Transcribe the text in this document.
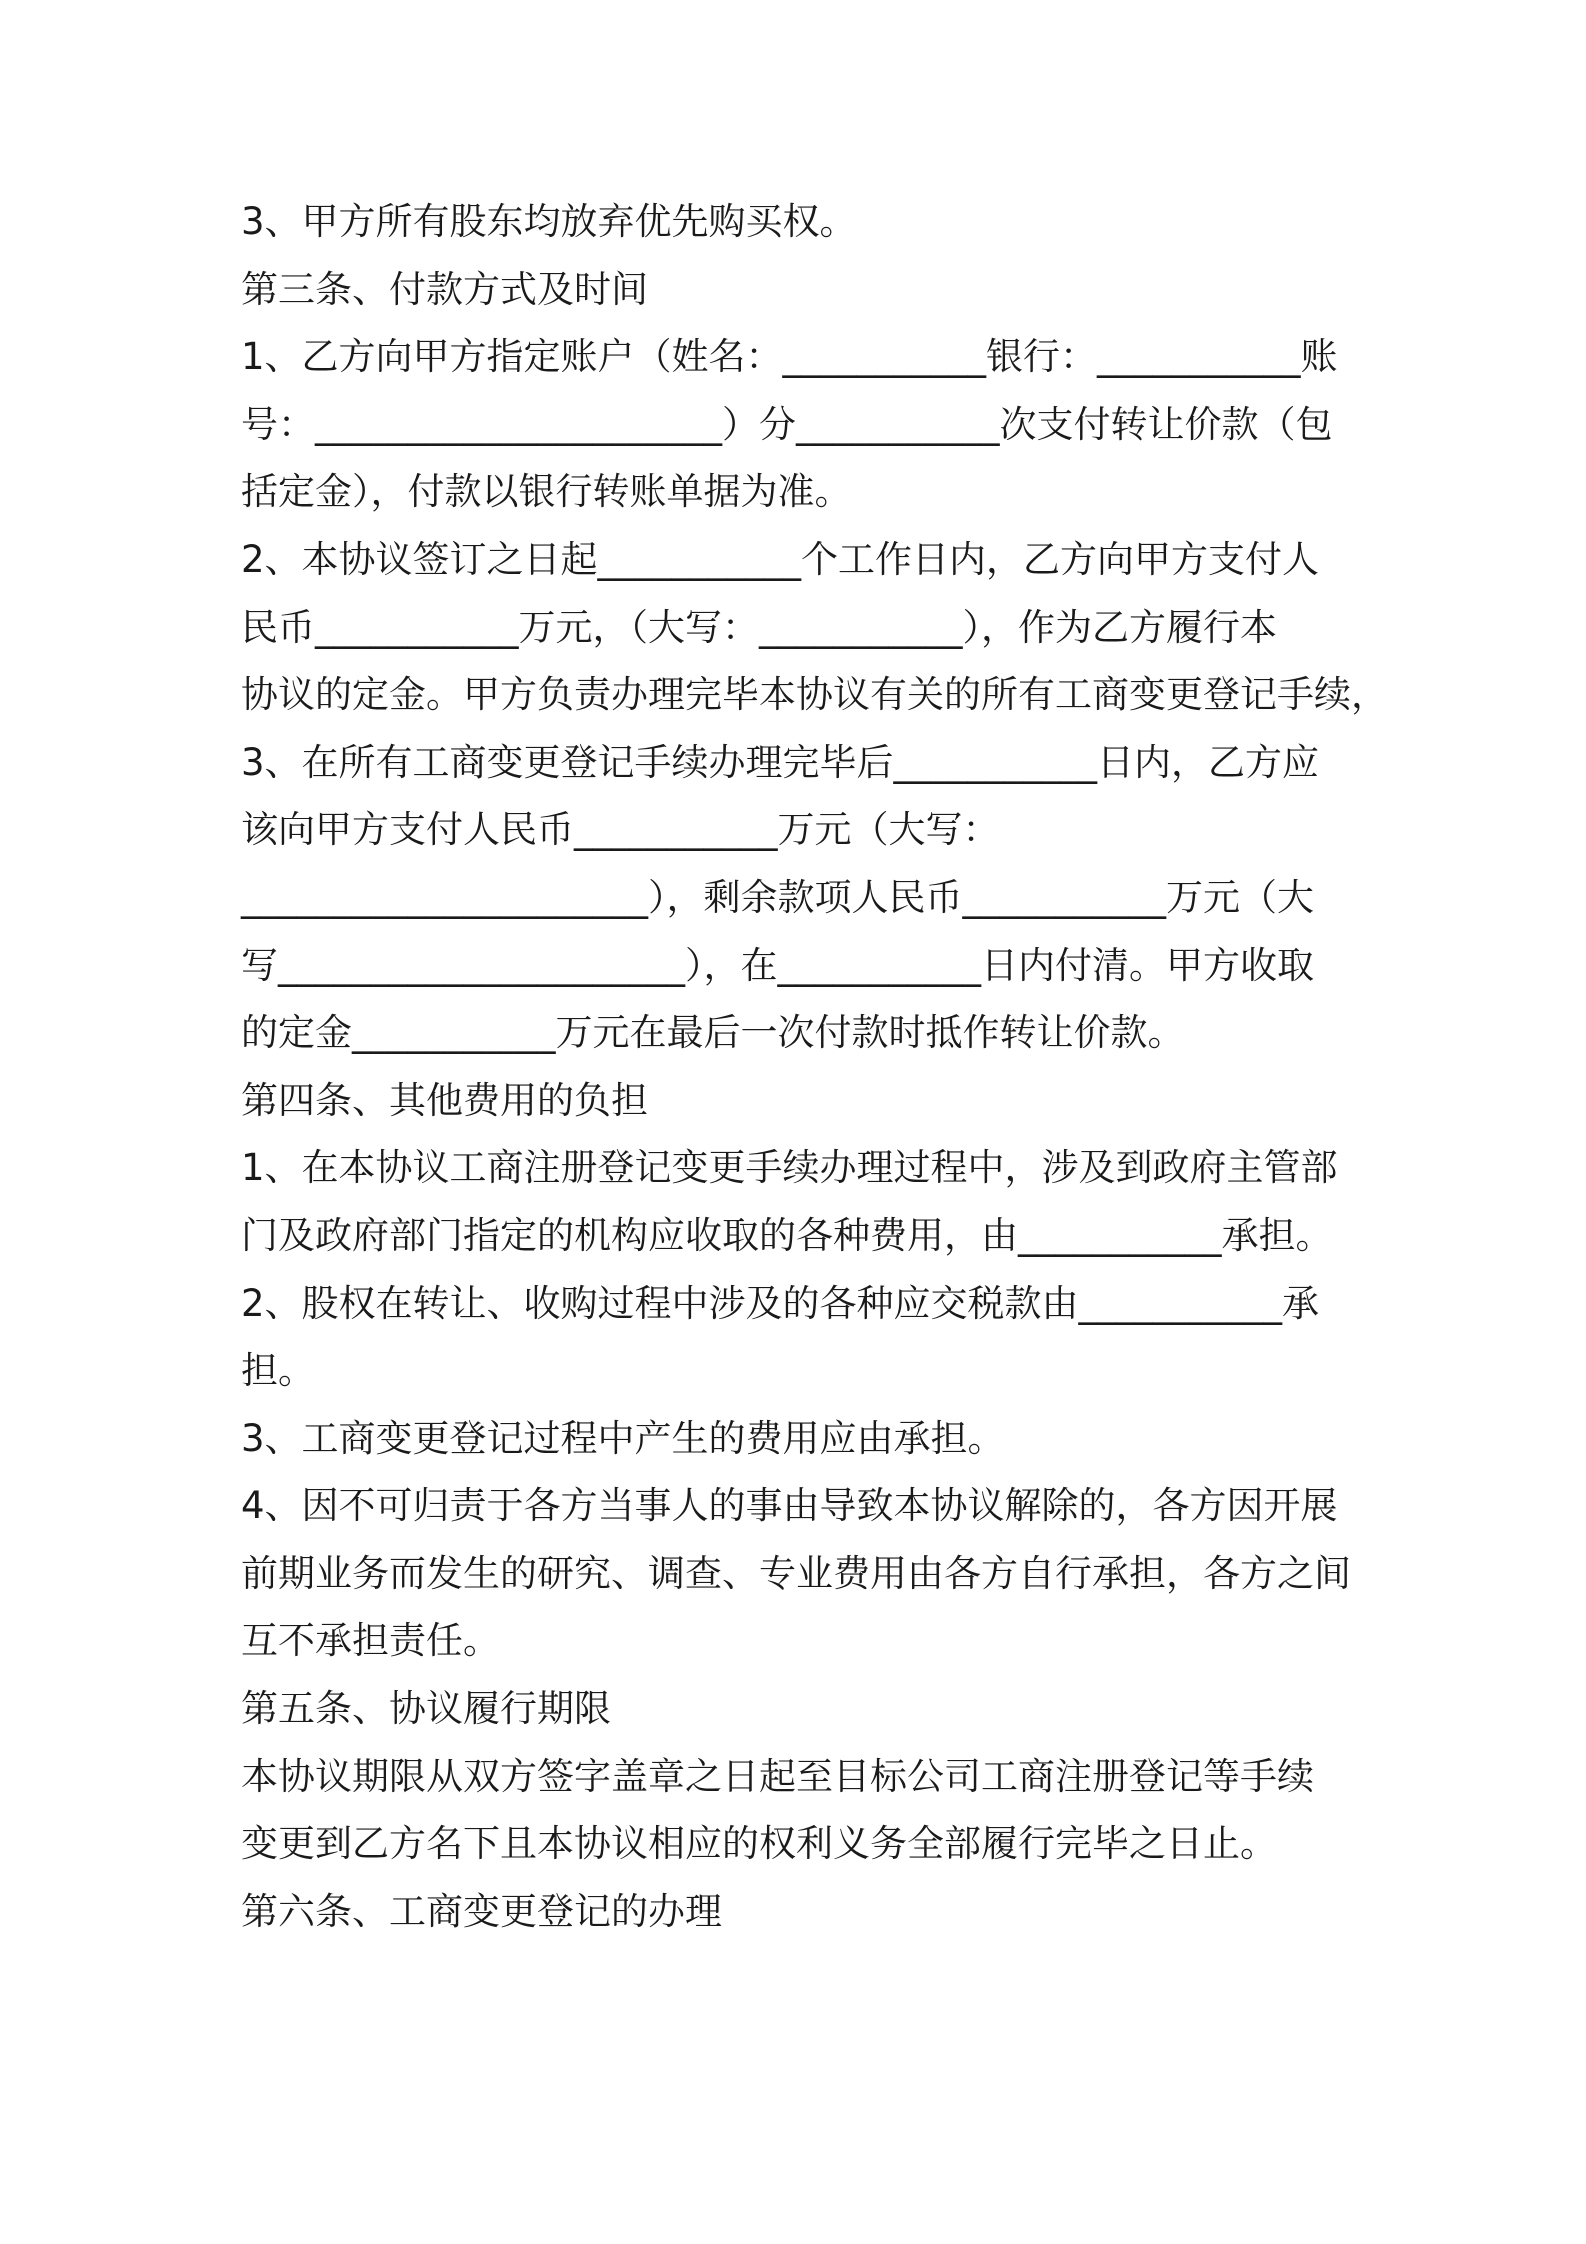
3、甲方所有股东均放弃优先购买权。
第三条、付款方式及时间
1、乙方向甲方指定账户（姓名：___________银行：___________账
号：______________________）分___________次支付转让价款（包
括定金），付款以银行转账单据为准。
2、本协议签订之日起___________个工作日内，乙方向甲方支付人
民币___________万元，（大写：___________），作为乙方履行本
协议的定金。甲方负责办理完毕本协议有关的所有工商变更登记手续，
3、在所有工商变更登记手续办理完毕后___________日内，乙方应
该向甲方支付人民币___________万元（大写：
______________________），剩余款项人民币___________万元（大
写______________________），在___________日内付清。甲方收取
的定金___________万元在最后一次付款时抵作转让价款。
第四条、其他费用的负担
1、在本协议工商注册登记变更手续办理过程中，涉及到政府主管部
门及政府部门指定的机构应收取的各种费用，由___________承担。
2、股权在转让、收购过程中涉及的各种应交税款由___________承
担。
3、工商变更登记过程中产生的费用应由承担。
4、因不可归责于各方当事人的事由导致本协议解除的，各方因开展
前期业务而发生的研究、调查、专业费用由各方自行承担，各方之间
互不承担责任。
第五条、协议履行期限
本协议期限从双方签字盖章之日起至目标公司工商注册登记等手续
变更到乙方名下且本协议相应的权利义务全部履行完毕之日止。
第六条、工商变更登记的办理
